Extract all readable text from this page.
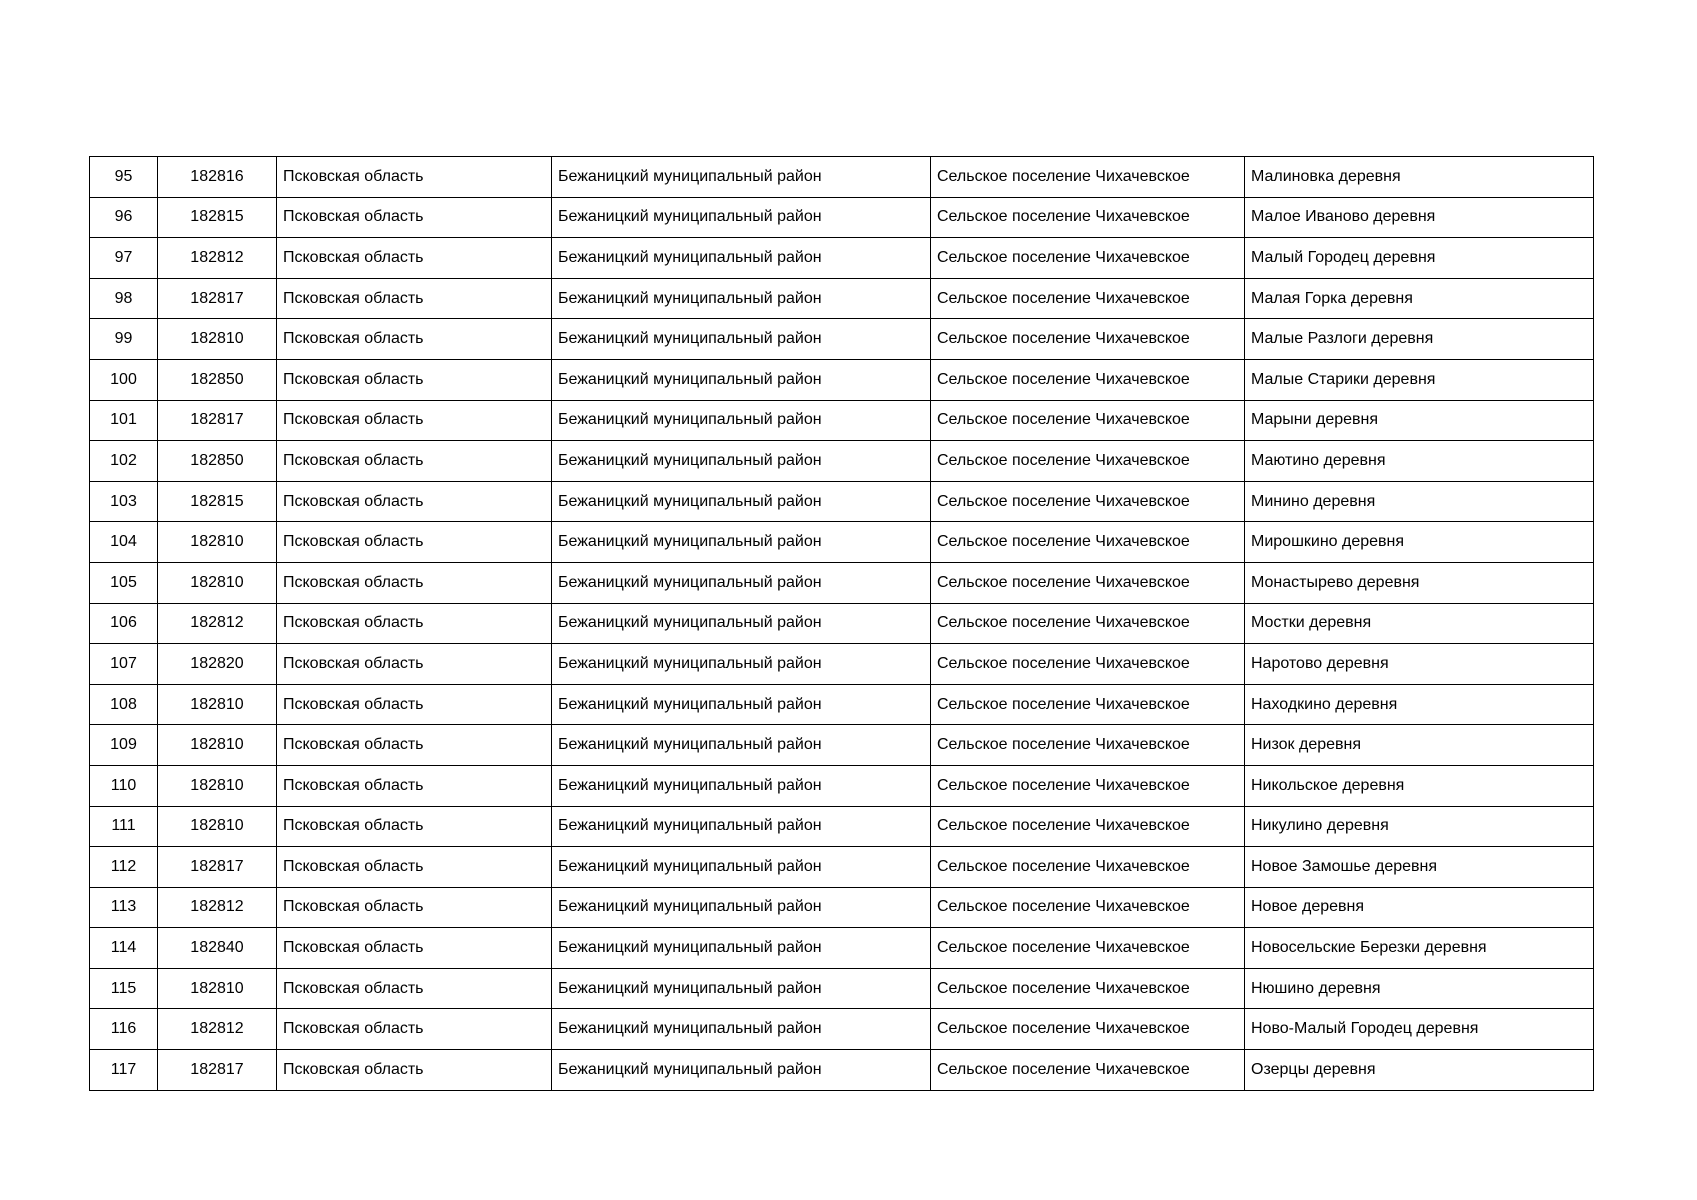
95	182816	Псковская область	Бежаницкий муниципальный район	Сельское поселение Чихачевское	Малиновка деревня
96	182815	Псковская область	Бежаницкий муниципальный район	Сельское поселение Чихачевское	Малое Иваново деревня
97	182812	Псковская область	Бежаницкий муниципальный район	Сельское поселение Чихачевское	Малый Городец деревня
98	182817	Псковская область	Бежаницкий муниципальный район	Сельское поселение Чихачевское	Малая Горка деревня
99	182810	Псковская область	Бежаницкий муниципальный район	Сельское поселение Чихачевское	Малые Разлоги деревня
100	182850	Псковская область	Бежаницкий муниципальный район	Сельское поселение Чихачевское	Малые Старики деревня
101	182817	Псковская область	Бежаницкий муниципальный район	Сельское поселение Чихачевское	Марыни деревня
102	182850	Псковская область	Бежаницкий муниципальный район	Сельское поселение Чихачевское	Маютино деревня
103	182815	Псковская область	Бежаницкий муниципальный район	Сельское поселение Чихачевское	Минино деревня
104	182810	Псковская область	Бежаницкий муниципальный район	Сельское поселение Чихачевское	Мирошкино деревня
105	182810	Псковская область	Бежаницкий муниципальный район	Сельское поселение Чихачевское	Монастырево деревня
106	182812	Псковская область	Бежаницкий муниципальный район	Сельское поселение Чихачевское	Мостки деревня
107	182820	Псковская область	Бежаницкий муниципальный район	Сельское поселение Чихачевское	Наротово деревня
108	182810	Псковская область	Бежаницкий муниципальный район	Сельское поселение Чихачевское	Находкино деревня
109	182810	Псковская область	Бежаницкий муниципальный район	Сельское поселение Чихачевское	Низок деревня
110	182810	Псковская область	Бежаницкий муниципальный район	Сельское поселение Чихачевское	Никольское деревня
111	182810	Псковская область	Бежаницкий муниципальный район	Сельское поселение Чихачевское	Никулино деревня
112	182817	Псковская область	Бежаницкий муниципальный район	Сельское поселение Чихачевское	Новое Замошье деревня
113	182812	Псковская область	Бежаницкий муниципальный район	Сельское поселение Чихачевское	Новое деревня
114	182840	Псковская область	Бежаницкий муниципальный район	Сельское поселение Чихачевское	Новосельские Березки деревня
115	182810	Псковская область	Бежаницкий муниципальный район	Сельское поселение Чихачевское	Нюшино деревня
116	182812	Псковская область	Бежаницкий муниципальный район	Сельское поселение Чихачевское	Ново-Малый Городец деревня
117	182817	Псковская область	Бежаницкий муниципальный район	Сельское поселение Чихачевское	Озерцы деревня
